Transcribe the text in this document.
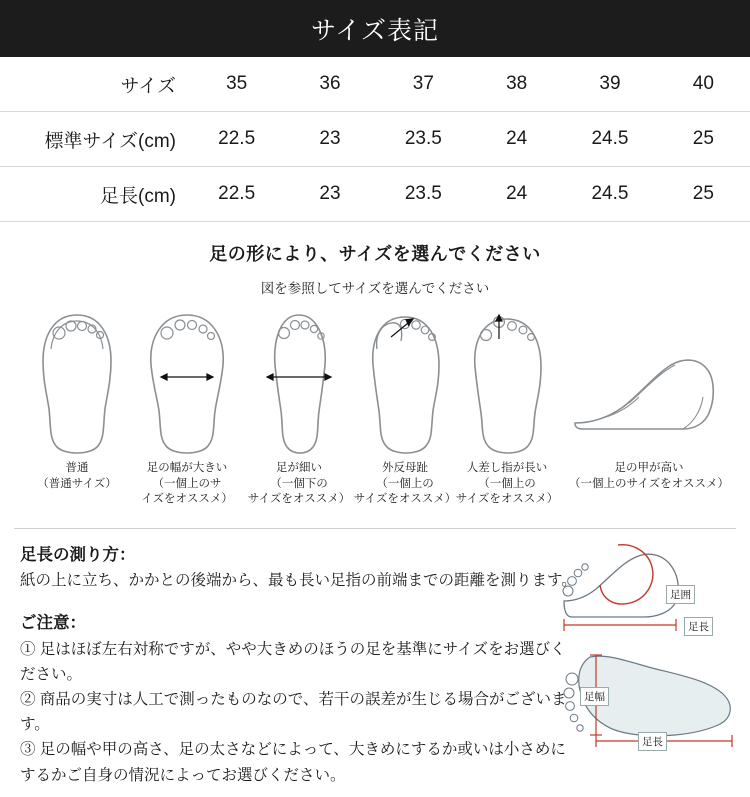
サイズ表記
サイズ	35	36	37	38	39	40
標準サイズ(cm)	22.5	23	23.5	24	24.5	25
足長(cm)	22.5	23	23.5	24	24.5	25
足の形により、サイズを選んでください
図を参照してサイズを選んでください
普通
（普通サイズ）
足の幅が大きい
（一個上のサ
イズをオススメ）
足が細い
（一個下の
サイズをオススメ）
外反母趾
（一個上の
サイズをオススメ）
人差し指が長い
（一個上の
サイズをオススメ）
足の甲が高い
（一個上のサイズをオススメ）
足長の測り方：
紙の上に立ち、かかとの後端から、最も長い足指の前端までの距離を測ります。
ご注意：
① 足はほぼ左右対称ですが、やや大きめのほうの足を基準にサイズをお選びください。
② 商品の実寸は人工で測ったものなので、若干の誤差が生じる場合がございます。
③ 足の幅や甲の高さ、足の太さなどによって、大きめにするか或いは小さめにするかご自身の情況によってお選びください。
足囲
足長
足幅
足長
